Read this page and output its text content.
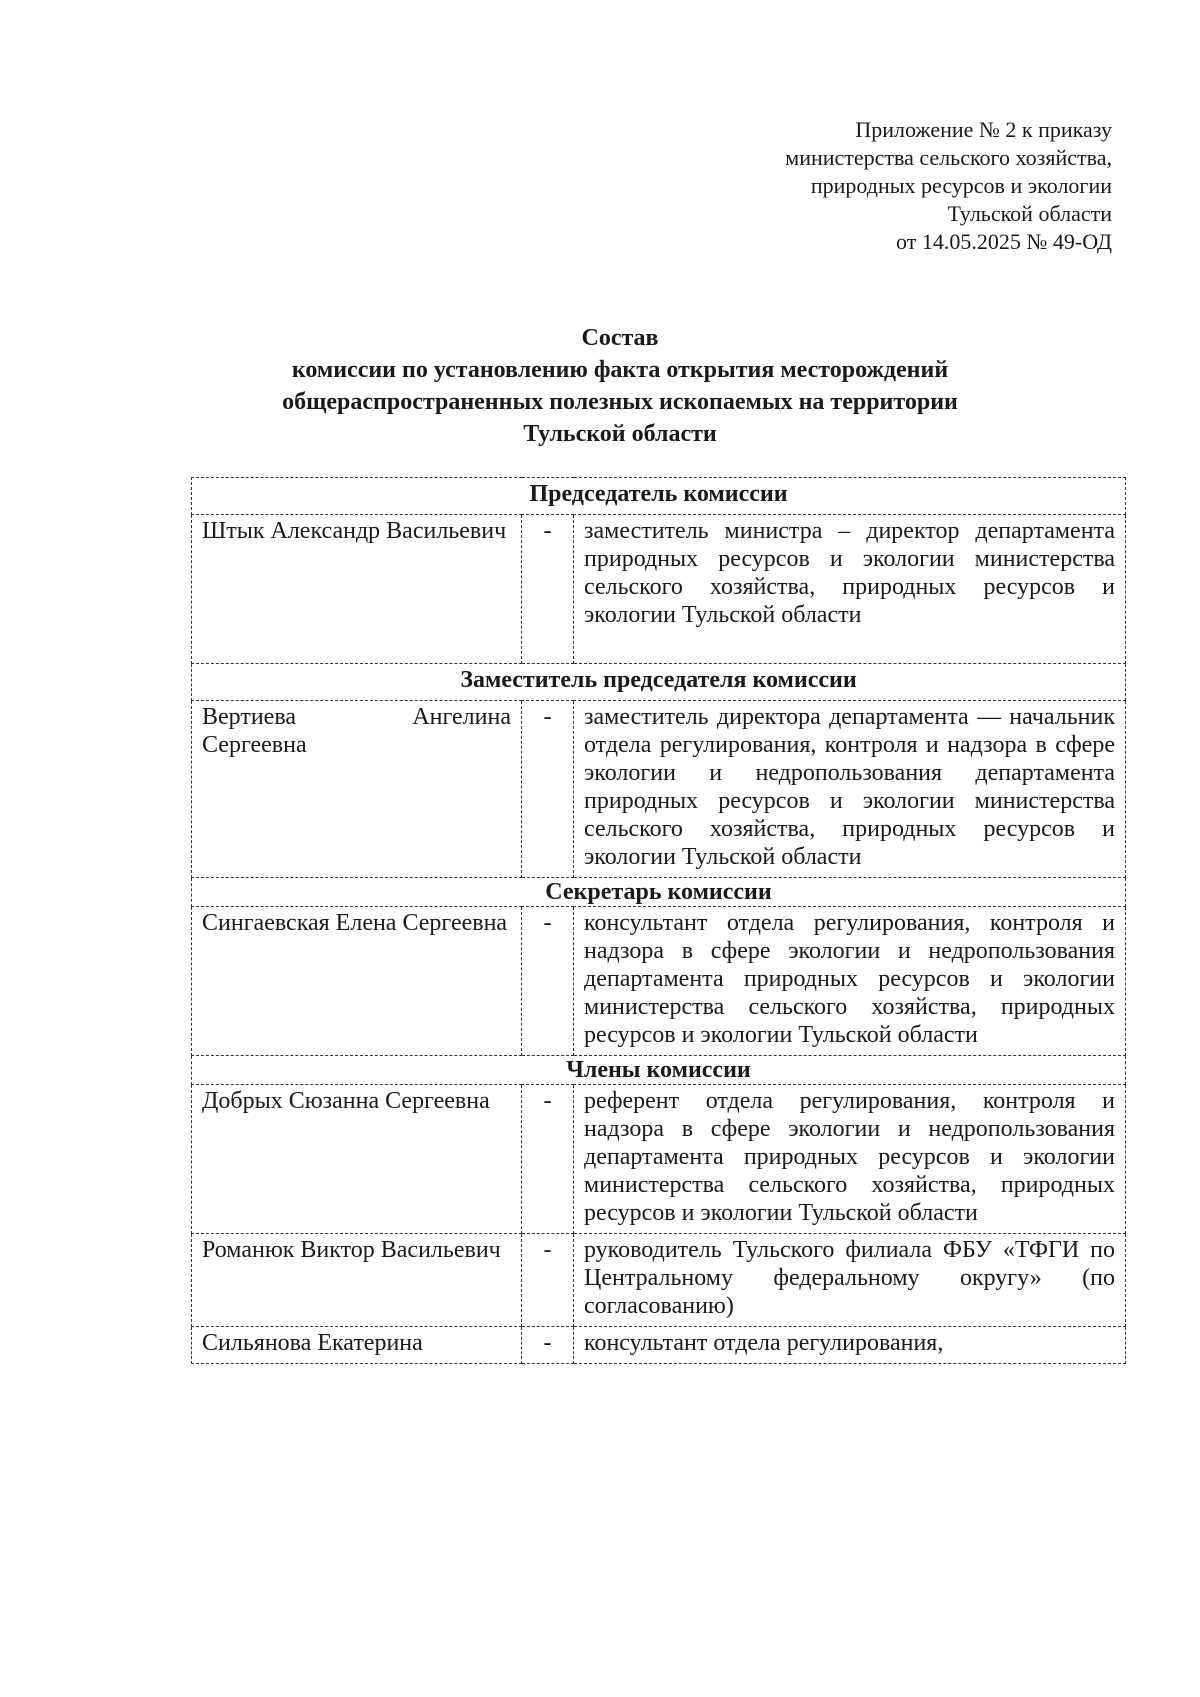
Приложение № 2 к приказу
министерства сельского хозяйства,
природных ресурсов и экологии
Тульской области
от 14.05.2025 № 49-ОД
Состав
комиссии по установлению факта открытия месторождений
общераспространенных полезных ископаемых на территории
Тульской области
Председатель комиссии		
Штык Александр Васильевич	-	заместитель министра – директор департамента природных ресурсов и экологии министерства сельского хозяйства, природных ресурсов и экологии Тульской области
Заместитель председателя комиссии		
Вертиева Ангелина Сергеевна	-	заместитель директора департамента — начальник отдела регулирования, контроля и надзора в сфере экологии и недропользования департамента природных ресурсов и экологии министерства сельского хозяйства, природных ресурсов и экологии Тульской области
Секретарь комиссии		
Сингаевская Елена Сергеевна	-	консультант отдела регулирования, контроля и надзора в сфере экологии и недропользования департамента природных ресурсов и экологии министерства сельского хозяйства, природных ресурсов и экологии Тульской области
Члены комиссии		
Добрых Сюзанна Сергеевна	-	референт отдела регулирования, контроля и надзора в сфере экологии и недропользования департамента природных ресурсов и экологии министерства сельского хозяйства, природных ресурсов и экологии Тульской области
Романюк Виктор Васильевич	-	руководитель Тульского филиала ФБУ «ТФГИ по Центральному федеральному округу» (по согласованию)
Сильянова Екатерина	-	консультант отдела регулирования,
